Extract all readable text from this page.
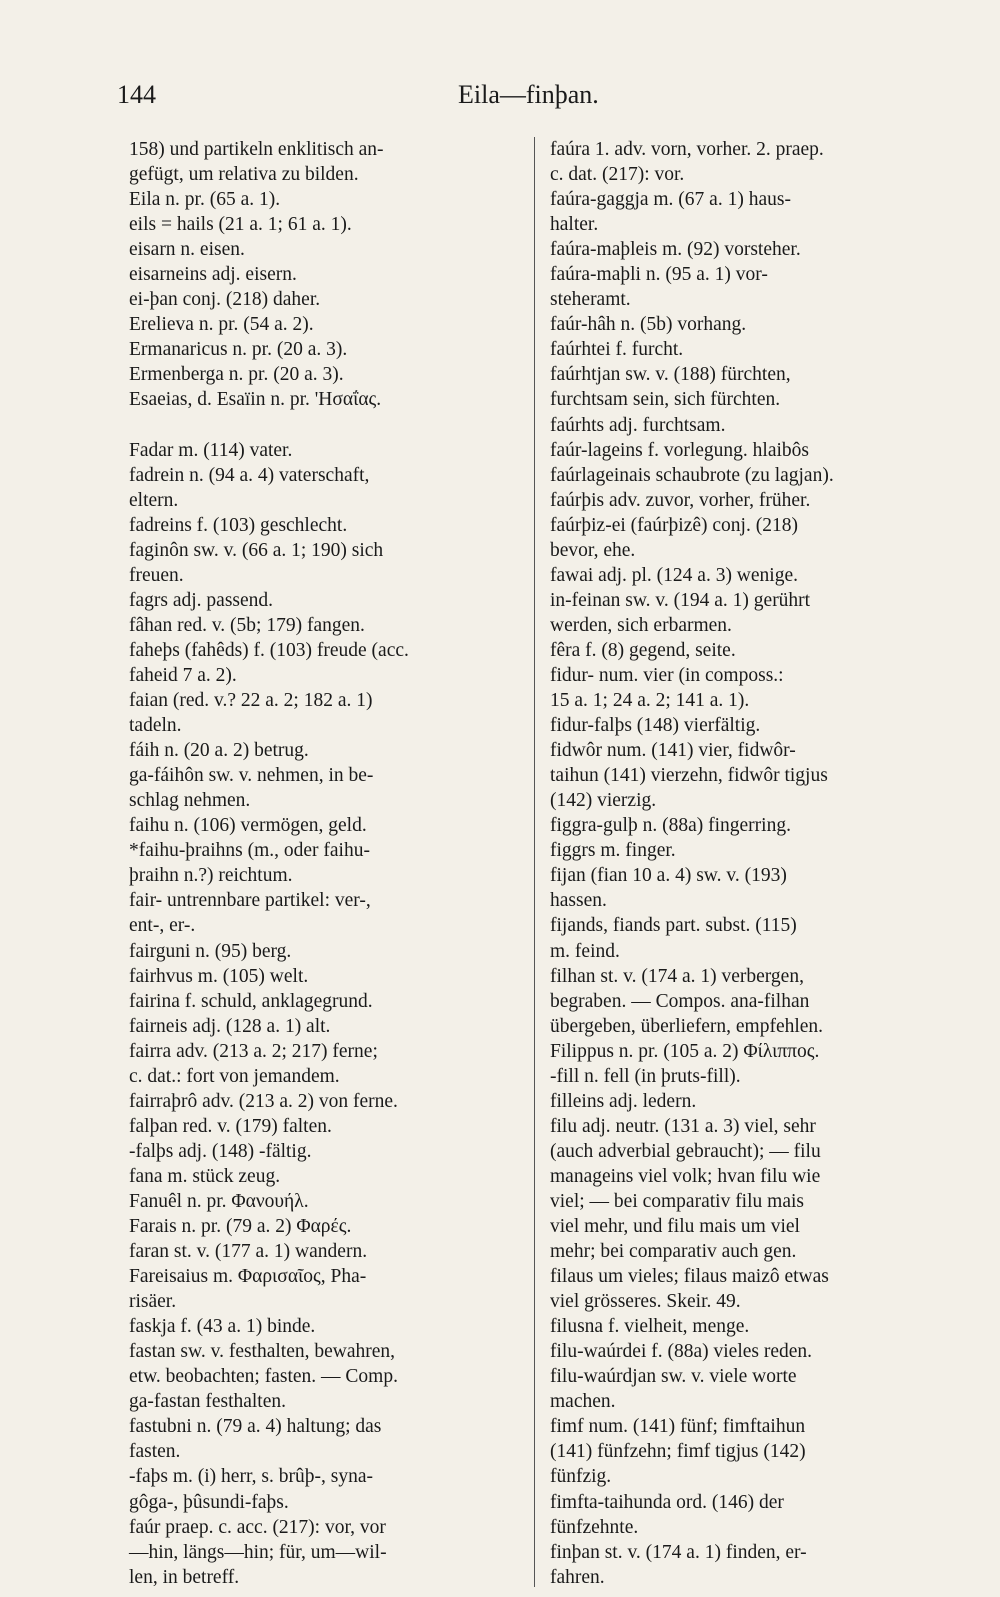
144	Eila—finþan.
158) und partikeln enklitisch an-
gefügt, um relativa zu bilden.
Eila n. pr. (65 a. 1).
eils = hails (21 a. 1; 61 a. 1).
eisarn n. eisen.
eisarneins adj. eisern.
ei-þan conj. (218) daher.
Erelieva n. pr. (54 a. 2).
Ermanaricus n. pr. (20 a. 3).
Ermenberga n. pr. (20 a. 3).
Esaeias, d. Esaïin n. pr. 'Ησαΐας.
Fadar m. (114) vater.
fadrein n. (94 a. 4) vaterschaft,
eltern.
fadreins f. (103) geschlecht.
faginôn sw. v. (66 a. 1; 190) sich
freuen.
fagrs adj. passend.
fâhan red. v. (5b; 179) fangen.
faheþs (fahêds) f. (103) freude (acc.
faheid 7 a. 2).
faian (red. v.? 22 a. 2; 182 a. 1)
tadeln.
fáih n. (20 a. 2) betrug.
ga-fáihôn sw. v. nehmen, in be-
schlag nehmen.
faihu n. (106) vermögen, geld.
*faihu-þraihns (m., oder faihu-
þraihn n.?) reichtum.
fair- untrennbare partikel: ver-,
ent-, er-.
fairguni n. (95) berg.
fairhvus m. (105) welt.
fairina f. schuld, anklagegrund.
fairneis adj. (128 a. 1) alt.
fairra adv. (213 a. 2; 217) ferne;
c. dat.: fort von jemandem.
fairraþrô adv. (213 a. 2) von ferne.
falþan red. v. (179) falten.
-falþs adj. (148) -fältig.
fana m. stück zeug.
Fanuêl n. pr. Φανουήλ.
Farais n. pr. (79 a. 2) Φαρές.
faran st. v. (177 a. 1) wandern.
Fareisaius m. Φαρισαῖος, Pha-
risäer.
faskja f. (43 a. 1) binde.
fastan sw. v. festhalten, bewahren,
etw. beobachten; fasten. — Comp.
ga-fastan festhalten.
fastubni n. (79 a. 4) haltung; das
fasten.
-faþs m. (i) herr, s. brûþ-, syna-
gôga-, þûsundi-faþs.
faúr praep. c. acc. (217): vor, vor
—hin, längs—hin; für, um—wil-
len, in betreff.
faúra 1. adv. vorn, vorher. 2. praep.
c. dat. (217): vor.
faúra-gaggja m. (67 a. 1) haus-
halter.
faúra-maþleis m. (92) vorsteher.
faúra-maþli n. (95 a. 1) vor-
steheramt.
faúr-hâh n. (5b) vorhang.
faúrhtei f. furcht.
faúrhtjan sw. v. (188) fürchten,
furchtsam sein, sich fürchten.
faúrhts adj. furchtsam.
faúr-lageins f. vorlegung. hlaibôs
faúrlageinais schaubrote (zu lagjan).
faúrþis adv. zuvor, vorher, früher.
faúrþiz-ei (faúrþizê) conj. (218)
bevor, ehe.
fawai adj. pl. (124 a. 3) wenige.
in-feinan sw. v. (194 a. 1) gerührt
werden, sich erbarmen.
fêra f. (8) gegend, seite.
fidur- num. vier (in composs.:
15 a. 1; 24 a. 2; 141 a. 1).
fidur-falþs (148) vierfältig.
fidwôr num. (141) vier, fidwôr-
taihun (141) vierzehn, fidwôr tigjus
(142) vierzig.
figgra-gulþ n. (88a) fingerring.
figgrs m. finger.
fijan (fian 10 a. 4) sw. v. (193)
hassen.
fijands, fiands part. subst. (115)
m. feind.
filhan st. v. (174 a. 1) verbergen,
begraben. — Compos. ana-filhan
übergeben, überliefern, empfehlen.
Filippus n. pr. (105 a. 2) Φίλιππος.
-fill n. fell (in þruts-fill).
filleins adj. ledern.
filu adj. neutr. (131 a. 3) viel, sehr
(auch adverbial gebraucht); — filu
manageins viel volk; hvan filu wie
viel; — bei comparativ filu mais
viel mehr, und filu mais um viel
mehr; bei comparativ auch gen.
filaus um vieles; filaus maizô etwas
viel grösseres. Skeir. 49.
filusna f. vielheit, menge.
filu-waúrdei f. (88a) vieles reden.
filu-waúrdjan sw. v. viele worte
machen.
fimf num. (141) fünf; fimftaihun
(141) fünfzehn; fimf tigjus (142)
fünfzig.
fimfta-taihunda ord. (146) der
fünfzehnte.
finþan st. v. (174 a. 1) finden, er-
fahren.
